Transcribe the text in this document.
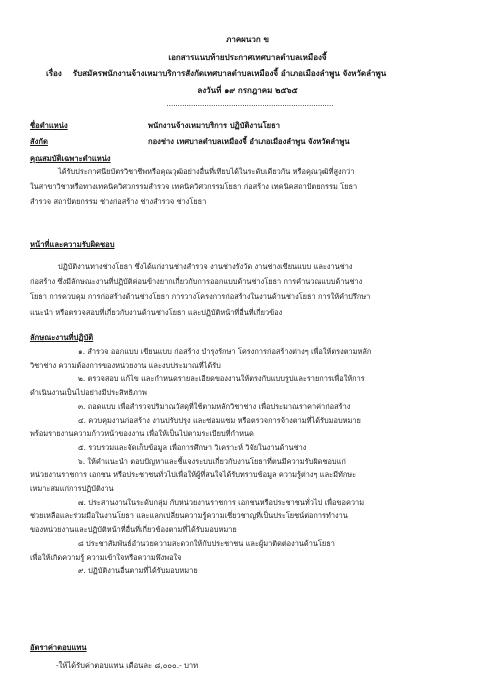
ภาคผนวก ข
เอกสารแนบท้ายประกาศเทศบาลตำบลเหมืองจี้
เรื่อง รับสมัครพนักงานจ้างเหมาบริการสังกัดเทศบาลตำบลเหมืองจี้ อำเภอเมืองลำพูน จังหวัดลำพูน
ลงวันที่ ๑๙ กรกฎาคม ๒๕๖๕
...........................................................................
ชื่อตำแหน่ง	พนักงานจ้างเหมาบริการ ปฏิบัติงานโยธา
สังกัด	กองช่าง เทศบาลตำบลเหมืองจี้ อำเภอเมืองลำพูน จังหวัดลำพูน
คุณสมบัติเฉพาะตำแหน่ง
ได้รับประกาศนียบัตรวิชาชีพหรือคุณวุฒิอย่างอื่นที่เทียบได้ในระดับเดียวกัน หรือคุณวุฒิที่สูงกว่า
ในสาขาวิชาหรือทางเทคนิควิศวกรรมสำรวจ เทคนิควิศวกรรมโยธา ก่อสร้าง เทคนิคสถาปัตยกรรม โยธา
สำรวจ สถาปัตยกรรม ช่างก่อสร้าง ช่างสำรวจ ช่างโยธา
หน้าที่และความรับผิดชอบ
ปฏิบัติงานทางช่างโยธา ซึ่งได้แก่งานช่างสำรวจ งานช่างรังวัด งานช่างเขียนแบบ และงานช่าง
ก่อสร้าง ซึ่งมีลักษณะงานที่ปฏิบัติค่อนข้างยากเกี่ยวกับการออกแบบด้านช่างโยธา การคำนวณแบบด้านช่าง
โยธา การควบคุม การก่อสร้างด้านช่างโยธา การวางโครงการก่อสร้างในงานด้านช่างโยธา การให้คำปรึกษา
แนะนำ หรือตรวจสอบที่เกี่ยวกับงานด้านช่างโยธา และปฏิบัติหน้าที่อื่นที่เกี่ยวข้อง
ลักษณะงานที่ปฏิบัติ
๑. สำรวจ ออกแบบ เขียนแบบ ก่อสร้าง บำรุงรักษา โครงการก่อสร้างต่างๆ เพื่อให้ตรงตามหลัก
วิชาช่าง ความต้องการของหน่วยงาน และงบประมาณที่ได้รับ
๒. ตรวจสอบ แก้ไข และกำหนดรายละเอียดของงานให้ตรงกับแบบรูปและรายการเพื่อให้การ
ดำเนินงานเป็นไปอย่างมีประสิทธิภาพ
๓. ถอดแบบ เพื่อสำรวจปริมาณวัสดุที่ใช้ตามหลักวิชาช่าง เพื่อประมาณราคาค่าก่อสร้าง
๔. ควบคุมงานก่อสร้าง งานปรับปรุง และซ่อมแซม หรือตรวจการจ้างตามที่ได้รับมอบหมาย
พร้อมรายงานความก้าวหน้าของงาน เพื่อให้เป็นไปตามระเบียบที่กำหนด
๕. รวบรวมและจัดเก็บข้อมูล เพื่อการศึกษา วิเคราะห์ วิจัยในงานด้านช่าง
๖. ให้คำแนะนำ ตอบปัญหาและชี้แจงระบบเกี่ยวกับงานโยธาที่ตนมีความรับผิดชอบแก่
หน่วยงานราชการ เอกชน หรือประชาชนทั่วไปเพื่อให้ผู้ที่สนใจได้รับทราบข้อมูล ความรู้ต่างๆ และมีทักษะ
เหมาะสมแก่การปฏิบัติงาน
๗. ประสานงานในระดับกลุ่ม กับหน่วยงานราชการ เอกชนหรือประชาชนทั่วไป เพื่อขอความ
ช่วยเหลือและร่วมมือในงานโยธา และแลกเปลี่ยนความรู้ความเชี่ยวชาญที่เป็นประโยชน์ต่อการทำงาน
ของหน่วยงานและปฏิบัติหน้าที่อื่นที่เกี่ยวข้องตามที่ได้รับมอบหมาย
๘ ประชาสัมพันธ์อำนวยความสะดวกให้กับประชาชน และผู้มาติดต่องานด้านโยธา
เพื่อให้เกิดความรู้ ความเข้าใจหรือความพึงพอใจ
๙. ปฏิบัติงานอื่นตามที่ได้รับมอบหมาย
อัตราค่าตอบแทน
-ให้ได้รับค่าตอบแทน เดือนละ ๘,๐๐๐.- บาท
